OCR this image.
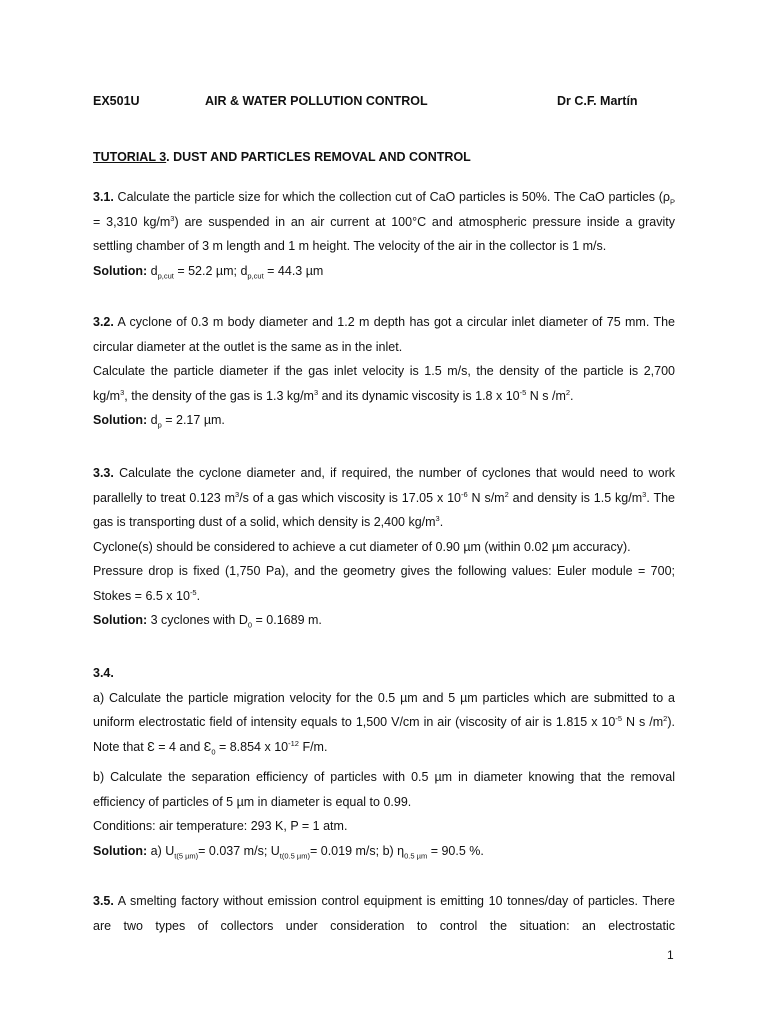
EX501U	AIR & WATER POLLUTION CONTROL	Dr C.F. Martín
TUTORIAL 3. DUST AND PARTICLES REMOVAL AND CONTROL

3.1. Calculate the particle size for which the collection cut of CaO particles is 50%. The CaO particles ($\rho_P = 3,310$ $kg/m^3$) are suspended in an air current at 100°C and atmospheric pressure inside a gravity settling chamber of 3 m length and 1 m height. The velocity of the air in the collector is 1 m/s.

Solution: $d_{p,cut} = 52.2$ µm; $d_{p,cut} = 44.3$ µm

3.2. A cyclone of 0.3 m body diameter and 1.2 m depth has got a circular inlet diameter of 75 mm. The circular diameter at the outlet is the same as in the inlet.

Calculate the particle diameter if the gas inlet velocity is 1.5 m/s, the density of the particle is 2,700 $kg/m^3$, the density of the gas is 1.3 $kg/m^3$ and its dynamic viscosity is 1.8 x $10^{-5}$ N s $/m^2$.

Solution: $d_p = 2.17$ µm.

3.3. Calculate the cyclone diameter and, if required, the number of cyclones that would need to work parallelly to treat 0.123 $m^3/s$ of a gas which viscosity is 17.05 x $10^{-6}$ N $s/m^2$ and density is 1.5 $kg/m^3$. The gas is transporting dust of a solid, which density is 2,400 $kg/m^3$.

Cyclone(s) should be considered to achieve a cut diameter of 0.90 µm (within 0.02 µm accuracy).

Pressure drop is fixed (1,750 Pa), and the geometry gives the following values: Euler module = 700; Stokes = 6.5 x $10^{-5}$.

Solution: 3 cyclones with $D_0 = 0.1689$ m.

3.4.

a) Calculate the particle migration velocity for the 0.5 µm and 5 µm particles which are submitted to a uniform electrostatic field of intensity equals to 1,500 V/cm in air (viscosity of air is 1.815 x $10^{-5}$ N s $/m^2$). Note that Ɛ = 4 and $Ɛ_0 = 8.854$ x $10^{-12}$ F/m.

b) Calculate the separation efficiency of particles with 0.5 µm in diameter knowing that the removal efficiency of particles of 5 µm in diameter is equal to 0.99.

Conditions: air temperature: 293 K, P = 1 atm.

Solution: a) $U_{t(5 \mu m)}= 0.037$ m/s; $U_{t(0.5 \mu m)}= 0.019$ m/s; b) $\eta_{0.5 \mu m} = 90.5$ %.

3.5. A smelting factory without emission control equipment is emitting 10 tonnes/day of particles. There are two types of collectors under consideration to control the situation: an electrostatic

1
